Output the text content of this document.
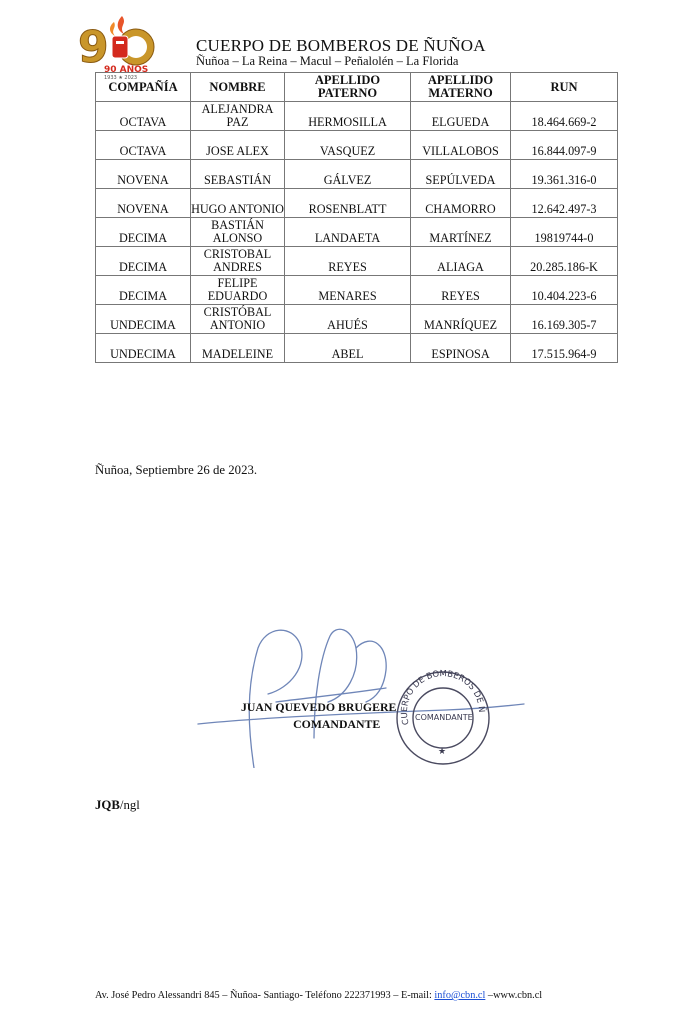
9
90 AÑOS
1933 ★ 2023
CUERPO DE BOMBEROS DE ÑUÑOA
Ñuñoa – La Reina – Macul – Peñalolén – La Florida
COMPAÑÍA	NOMBRE	APELLIDO PATERNO	APELLIDO MATERNO	RUN
OCTAVA	ALEJANDRA PAZ	HERMOSILLA	ELGUEDA	18.464.669-2
OCTAVA	JOSE ALEX	VASQUEZ	VILLALOBOS	16.844.097-9
NOVENA	SEBASTIÁN	GÁLVEZ	SEPÚLVEDA	19.361.316-0
NOVENA	HUGO ANTONIO	ROSENBLATT	CHAMORRO	12.642.497-3
DECIMA	BASTIÁN ALONSO	LANDAETA	MARTÍNEZ	19819744-0
DECIMA	CRISTOBAL ANDRES	REYES	ALIAGA	20.285.186-K
DECIMA	FELIPE EDUARDO	MENARES	REYES	10.404.223-6
UNDECIMA	CRISTÓBAL ANTONIO	AHUÉS	MANRÍQUEZ	16.169.305-7
UNDECIMA	MADELEINE	ABEL	ESPINOSA	17.515.964-9
Ñuñoa, Septiembre 26 de 2023.
JUAN QUEVEDO BRUGERE
COMANDANTE	CUERPO DE BOMBEROS DE Ñ
COMANDANTE
★
JQB/ngl
Av. José Pedro Alessandri 845 – Ñuñoa- Santiago- Teléfono 222371993 – E-mail: info@cbn.cl –www.cbn.cl
